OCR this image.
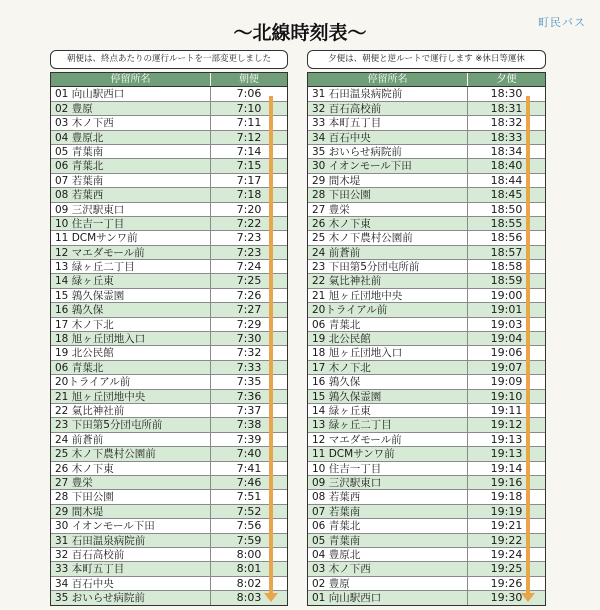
町民バス
〜北線時刻表〜
朝便は、終点あたりの運行ルートを一部変更しました
停留所名	朝便
01 向山駅西口	7:06
02 豊原	7:10
03 木ノ下西	7:11
04 豊原北	7:12
05 青葉南	7:14
06 青葉北	7:15
07 若葉南	7:17
08 若葉西	7:18
09 三沢駅東口	7:20
10 住吉一丁目	7:22
11 DCMサンワ前	7:23
12 マエダモール前	7:23
13 緑ヶ丘二丁目	7:24
14 緑ヶ丘東	7:25
15 鶉久保霊園	7:26
16 鶉久保	7:27
17 木ノ下北	7:29
18 旭ヶ丘団地入口	7:30
19 北公民館	7:32
06 青葉北	7:33
20トライアル前	7:35
21 旭ヶ丘団地中央	7:36
22 氣比神社前	7:37
23 下田第5分団屯所前	7:38
24 前蒼前	7:39
25 木ノ下農村公園前	7:40
26 木ノ下東	7:41
27 豊栄	7:46
28 下田公園	7:51
29 間木堤	7:52
30 イオンモール下田	7:56
31 石田温泉病院前	7:59
32 百石高校前	8:00
33 本町五丁目	8:01
34 百石中央	8:02
35 おいらせ病院前	8:03
夕便は、朝便と逆ルートで運行します ※休日等運休
停留所名	夕便
31 石田温泉病院前	18:30
32 百石高校前	18:31
33 本町五丁目	18:32
34 百石中央	18:33
35 おいらせ病院前	18:34
30 イオンモール下田	18:40
29 間木堤	18:44
28 下田公園	18:45
27 豊栄	18:50
26 木ノ下東	18:55
25 木ノ下農村公園前	18:56
24 前蒼前	18:57
23 下田第5分団屯所前	18:58
22 氣比神社前	18:59
21 旭ヶ丘団地中央	19:00
20トライアル前	19:01
06 青葉北	19:03
19 北公民館	19:04
18 旭ヶ丘団地入口	19:06
17 木ノ下北	19:07
16 鶉久保	19:09
15 鶉久保霊園	19:10
14 緑ヶ丘東	19:11
13 緑ヶ丘二丁目	19:12
12 マエダモール前	19:13
11 DCMサンワ前	19:13
10 住吉一丁目	19:14
09 三沢駅東口	19:16
08 若葉西	19:18
07 若葉南	19:19
06 青葉北	19:21
05 青葉南	19:22
04 豊原北	19:24
03 木ノ下西	19:25
02 豊原	19:26
01 向山駅西口	19:30
